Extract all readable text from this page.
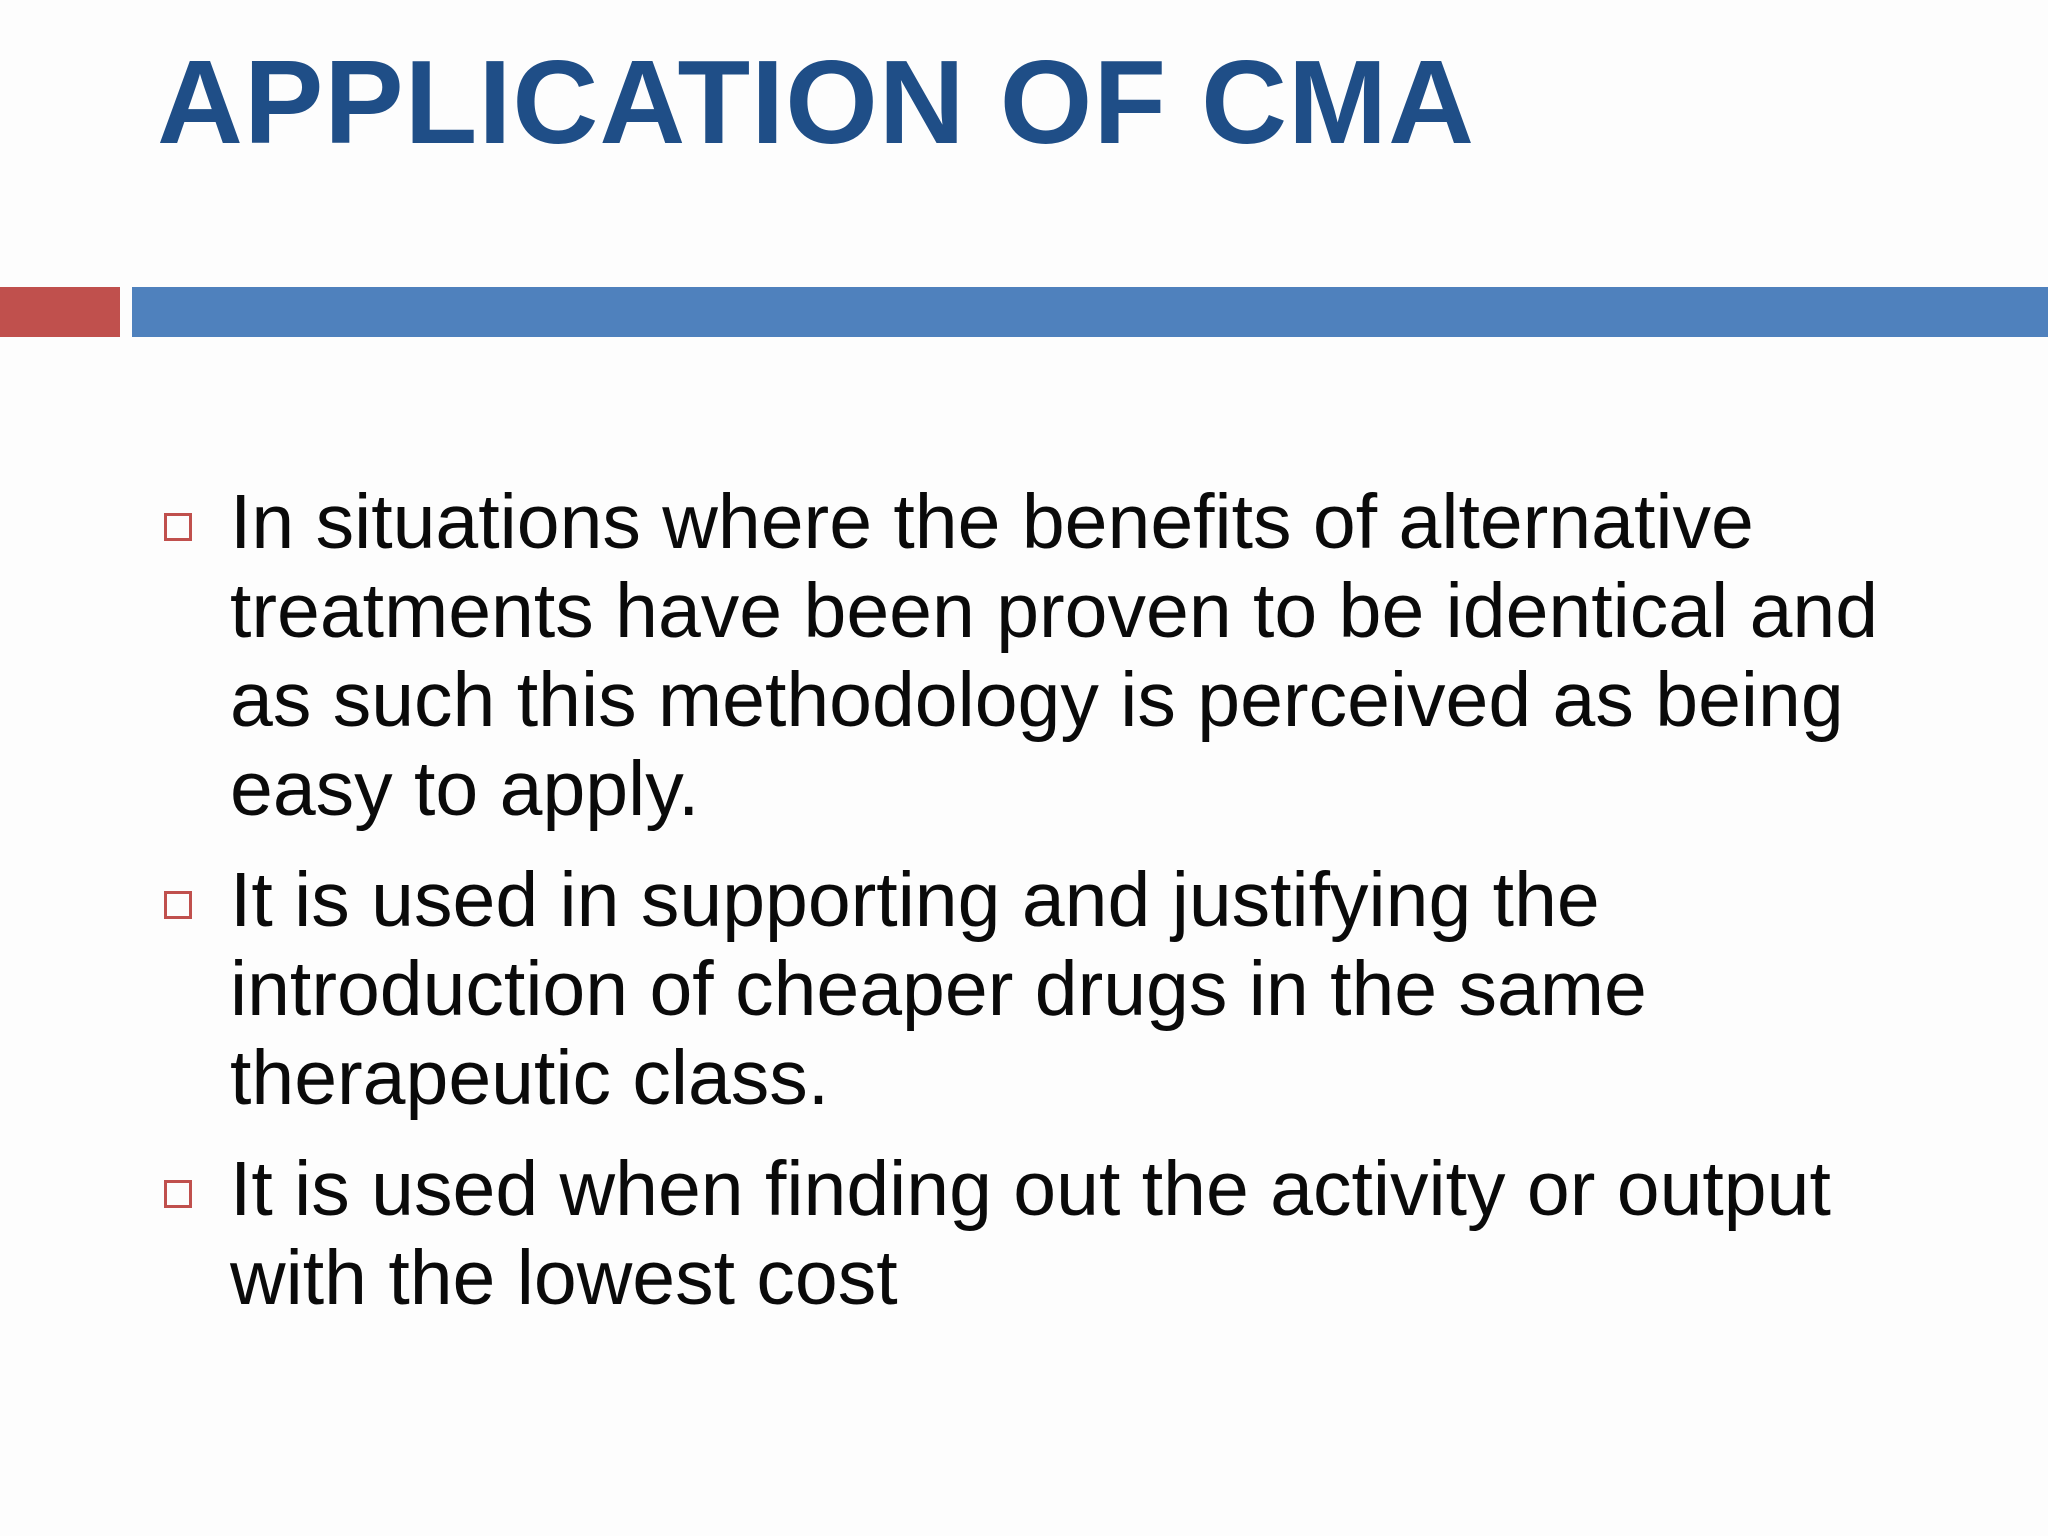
APPLICATION OF CMA
In situations where the benefits of alternative treatments have been proven to be identical and as such this methodology is perceived as being easy to apply.
It is used in supporting and justifying the introduction of cheaper drugs in the same therapeutic class.
It is used when finding out the activity or output with the lowest cost
